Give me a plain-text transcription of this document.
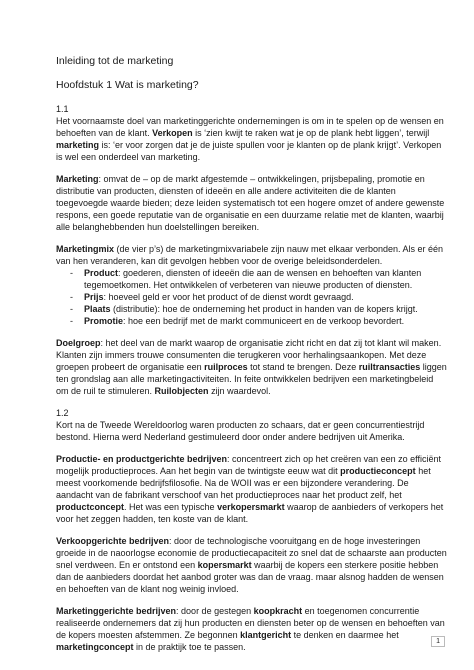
Inleiding tot de marketing
Hoofdstuk 1 Wat is marketing?
1.1

Het voornaamste doel van marketinggerichte ondernemingen is om in te spelen op de wensen en behoeften van de klant. Verkopen is ‘zien kwijt te raken wat je op de plank hebt liggen’, terwijl marketing is: ‘er voor zorgen dat je de juiste spullen voor je klanten op de plank krijgt’. Verkopen is wel een onderdeel van marketing.

Marketing: omvat de – op de markt afgestemde – ontwikkelingen, prijsbepaling, promotie en distributie van producten, diensten of ideeën en alle andere activiteiten die de klanten toegevoegde waarde bieden; deze leiden systematisch tot een hogere omzet of andere gewenste respons, een goede reputatie van de organisatie en een duurzame relatie met de klanten, waarbij alle belanghebbenden hun doelstellingen bereiken.

Marketingmix (de vier p’s) de marketingmixvariabele zijn nauw met elkaar verbonden. Als er één van hen veranderen, kan dit gevolgen hebben voor de overige beleidsonderdelen.

- Product: goederen, diensten of ideeën die aan de wensen en behoeften van klanten tegemoetkomen. Het ontwikkelen of verbeteren van nieuwe producten of diensten.
- Prijs: hoeveel geld er voor het product of de dienst wordt gevraagd.
- Plaats (distributie): hoe de onderneming het product in handen van de kopers krijgt.
- Promotie: hoe een bedrijf met de markt communiceert en de verkoop bevordert.

Doelgroep: het deel van de markt waarop de organisatie zicht richt en dat zij tot klant wil maken. Klanten zijn immers trouwe consumenten die terugkeren voor herhalingsaankopen. Met deze groepen probeert de organisatie een ruilproces tot stand te brengen. Deze ruiltransacties liggen ten grondslag aan alle marketingactiviteiten. In feite ontwikkelen bedrijven een marketingbeleid om de ruil te stimuleren. Ruilobjecten zijn waardevol.

1.2

Kort na de Tweede Wereldoorlog waren producten zo schaars, dat er geen concurrentiestrijd bestond. Hierna werd Nederland gestimuleerd door onder andere bedrijven uit Amerika.

Productie- en productgerichte bedrijven: concentreert zich op het creëren van een zo efficiënt mogelijk productieproces. Aan het begin van de twintigste eeuw wat dit productieconcept het meest voorkomende bedrijfsfilosofie. Na de WOII was er een bijzondere verandering. De aandacht van de fabrikant verschoof van het productieproces naar het product zelf, het productconcept. Het was een typische verkopersmarkt waarop de aanbieders of verkopers het voor het zeggen hadden, ten koste van de klant.

Verkoopgerichte bedrijven: door de technologische vooruitgang en de hoge investeringen groeide in de naoorlogse economie de productiecapaciteit zo snel dat de schaarste aan producten snel verdween. En er ontstond een kopersmarkt waarbij de kopers een sterkere positie hebben dan de aanbieders doordat het aanbod groter was dan de vraag. maar alsnog hadden de wensen en behoeften van de klant nog weinig invloed.

Marketinggerichte bedrijven: door de gestegen koopkracht en toegenomen concurrentie realiseerde ondernemers dat zij hun producten en diensten beter op de wensen en behoeften van de kopers moesten afstemmen. Ze begonnen klantgericht te denken en daarmee het marketingconcept in de praktijk toe te passen.

1
